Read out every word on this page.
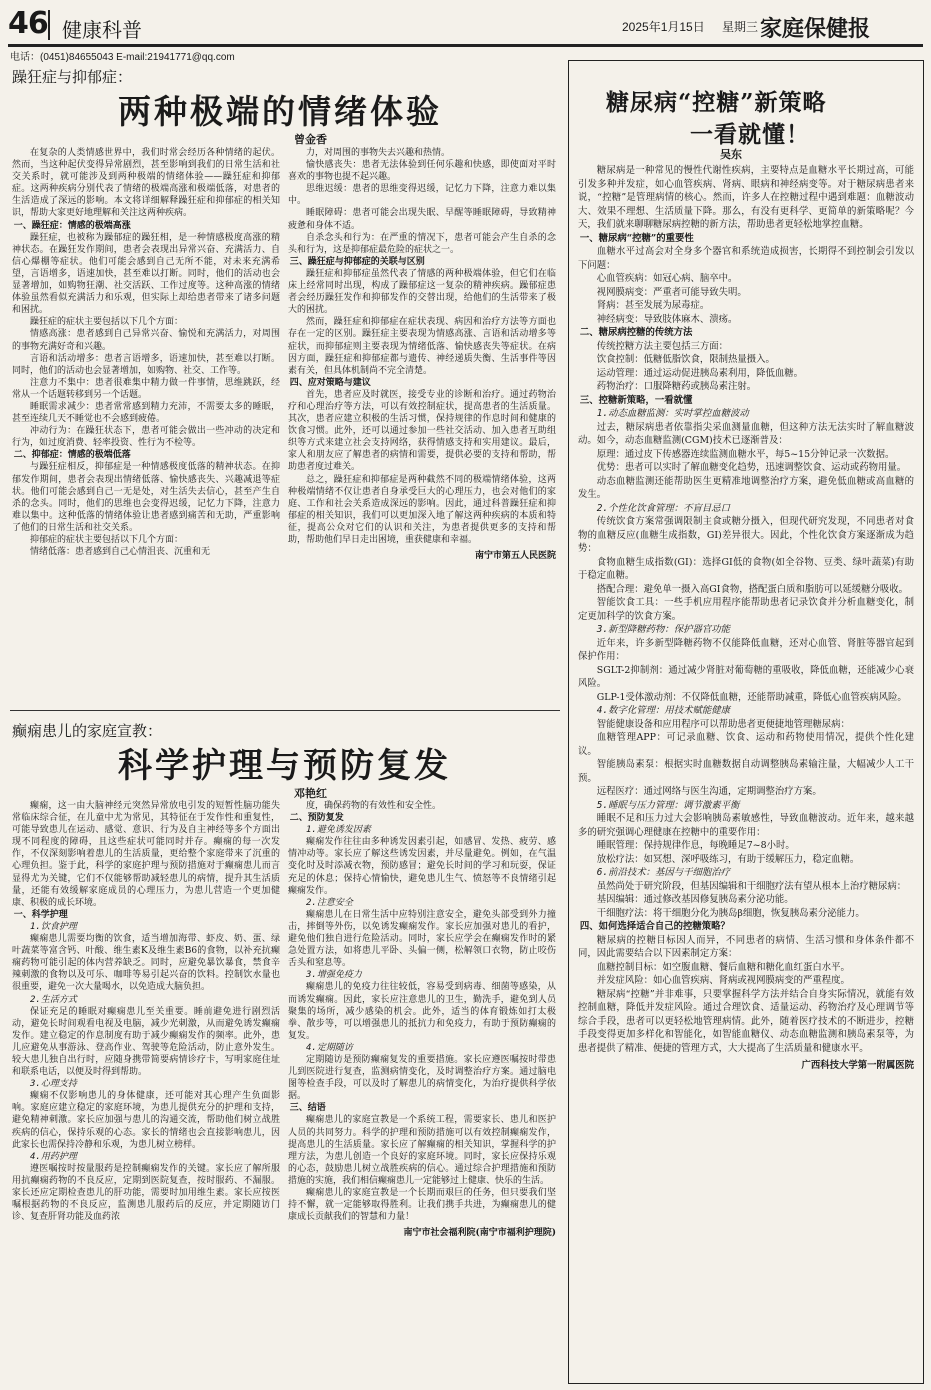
46 健康科普	2025年1月15日 星期三 家庭保健报
电话：(0451)84655043 E-mail:21941771@qq.com
躁狂症与抑郁症：
两种极端的情绪体验
曾金香

在复杂的人类情感世界中，我们时常会经历各种情绪的起伏。然而，当这种起伏变得异常剧烈，甚至影响到我们的日常生活和社交关系时，就可能涉及到两种极端的情绪体验——躁狂症和抑郁症。这两种疾病分别代表了情绪的极端高涨和极端低落，对患者的生活造成了深远的影响。本文将详细解释躁狂症和抑郁症的相关知识，帮助大家更好地理解和关注这两种疾病。

一、躁狂症：情感的极端高涨

躁狂症，也被称为躁郁症的躁狂相，是一种情感极度高涨的精神状态。在躁狂发作期间，患者会表现出异常兴奋、充满活力、自信心爆棚等症状。他们可能会感到自己无所不能，对未来充满希望，言语增多，语速加快，甚至难以打断。同时，他们的活动也会显著增加，如购物狂潮、社交活跃、工作过度等。这种高涨的情绪体验虽然看似充满活力和乐观，但实际上却给患者带来了诸多问题和困扰。

躁狂症的症状主要包括以下几个方面：

情感高涨：患者感到自己异常兴奋、愉悦和充满活力，对周围的事物充满好奇和兴趣。

言语和活动增多：患者言语增多，语速加快，甚至难以打断。同时，他们的活动也会显著增加，如购物、社交、工作等。

注意力不集中：患者很难集中精力做一件事情，思维跳跃，经常从一个话题转移到另一个话题。

睡眠需求减少：患者常常感到精力充沛，不需要太多的睡眠，甚至连续几天不睡觉也不会感到疲倦。

冲动行为：在躁狂状态下，患者可能会做出一些冲动的决定和行为，如过度消费、轻率投资、性行为不检等。

二、抑郁症：情感的极端低落

与躁狂症相反，抑郁症是一种情感极度低落的精神状态。在抑郁发作期间，患者会表现出情绪低落、愉快感丧失、兴趣减退等症状。他们可能会感到自己一无是处，对生活失去信心，甚至产生自杀的念头。同时，他们的思维也会变得迟缓，记忆力下降，注意力难以集中。这种低落的情绪体验让患者感到痛苦和无助，严重影响了他们的日常生活和社交关系。

抑郁症的症状主要包括以下几个方面：

情绪低落：患者感到自己心情沮丧、沉重和无

力，对周围的事物失去兴趣和热情。

愉快感丧失：患者无法体验到任何乐趣和快感，即使面对平时喜欢的事物也提不起兴趣。

思维迟缓：患者的思维变得迟缓，记忆力下降，注意力难以集中。

睡眠障碍：患者可能会出现失眠、早醒等睡眠障碍，导致精神疲惫和身体不适。

自杀念头和行为：在严重的情况下，患者可能会产生自杀的念头和行为，这是抑郁症最危险的症状之一。

三、躁狂症与抑郁症的关联与区别

躁狂症和抑郁症虽然代表了情感的两种极端体验，但它们在临床上经常同时出现，构成了躁郁症这一复杂的精神疾病。躁郁症患者会经历躁狂发作和抑郁发作的交替出现，给他们的生活带来了极大的困扰。

然而，躁狂症和抑郁症在症状表现、病因和治疗方法等方面也存在一定的区别。躁狂症主要表现为情感高涨、言语和活动增多等症状，而抑郁症则主要表现为情绪低落、愉快感丧失等症状。在病因方面，躁狂症和抑郁症都与遗传、神经递质失衡、生活事件等因素有关，但具体机制尚不完全清楚。

四、应对策略与建议

首先，患者应及时就医，接受专业的诊断和治疗。通过药物治疗和心理治疗等方法，可以有效控制症状，提高患者的生活质量。其次，患者应建立积极的生活习惯，保持规律的作息时间和健康的饮食习惯。此外，还可以通过参加一些社交活动、加入患者互助组织等方式来建立社会支持网络，获得情感支持和实用建议。最后，家人和朋友应了解患者的病情和需要，提供必要的支持和帮助，帮助患者度过难关。

总之，躁狂症和抑郁症是两种截然不同的极端情绪体验，这两种极端情绪不仅让患者自身承受巨大的心理压力，也会对他们的家庭、工作和社会关系造成深远的影响。因此，通过科普躁狂症和抑郁症的相关知识，我们可以更加深入地了解这两种疾病的本质和特征，提高公众对它们的认识和关注，为患者提供更多的支持和帮助，帮助他们早日走出困境，重获健康和幸福。

南宁市第五人民医院

癫痫患儿的家庭宣教：
科学护理与预防复发
邓艳红

癫痫，这一由大脑神经元突然异常放电引发的短暂性脑功能失常临床综合征，在儿童中尤为常见，其特征在于发作性和重复性，可能导致患儿在运动、感觉、意识、行为及自主神经等多个方面出现不同程度的障碍，且这些症状可能同时并存。癫痫的每一次发作，不仅深刻影响着患儿的生活质量，更给整个家庭带来了沉重的心理负担。鉴于此，科学的家庭护理与预防措施对于癫痫患儿而言显得尤为关键，它们不仅能够帮助减轻患儿的病情，提升其生活质量，还能有效缓解家庭成员的心理压力，为患儿营造一个更加健康、积极的成长环境。

一、科学护理

1.饮食护理

癫痫患儿需要均衡的饮食，适当增加海带、虾皮、奶、蛋、绿叶蔬菜等富含钙、叶酸、维生素K及维生素B6的食物，以补充抗癫痫药物可能引起的体内营养缺乏。同时，应避免暴饮暴食，禁食辛辣刺激的食物以及可乐、咖啡等易引起兴奋的饮料。控制饮水量也很重要，避免一次大量喝水，以免造成大脑负担。

2.生活方式

保证充足的睡眠对癫痫患儿至关重要。睡前避免进行剧烈活动，避免长时间观看电视及电脑，减少光刺激，从而避免诱发癫痫发作。建立稳定的作息制度有助于减少癫痫发作的频率。此外，患儿应避免从事游泳、登高作业、驾驶等危险活动，防止意外发生。较大患儿独自出行时，应随身携带简要病情诊疗卡，写明家庭住址和联系电话，以便及时得到帮助。

3.心理支持

癫痫不仅影响患儿的身体健康，还可能对其心理产生负面影响。家庭应建立稳定的家庭环境，为患儿提供充分的护理和支持，避免精神刺激。家长应加强与患儿的沟通交流，帮助他们树立战胜疾病的信心，保持乐观的心态。家长的情绪也会直接影响患儿，因此家长也需保持冷静和乐观，为患儿树立榜样。

4.用药护理

遵医嘱按时按量服药是控制癫痫发作的关键。家长应了解所服用抗癫痫药物的不良反应，定期到医院复查，按时服药、不漏服。家长还应定期检查患儿的肝功能，需要时加用维生素。家长应按医嘱根据药物的不良反应，监测患儿服药后的反应，并定期随访门诊、复查肝肾功能及血药浓

度，确保药物的有效性和安全性。

二、预防复发

1.避免诱发因素

癫痫发作往往由多种诱发因素引起，如感冒、发热、疲劳、感情冲动等。家长应了解这些诱发因素，并尽量避免。例如，在气温变化时及时添减衣物，预防感冒；避免长时间的学习和玩耍，保证充足的休息；保持心情愉快，避免患儿生气、愤怒等不良情绪引起癫痫发作。

2.注意安全

癫痫患儿在日常生活中应特别注意安全，避免头部受到外力撞击，摔倒等外伤，以免诱发癫痫发作。家长应加强对患儿的看护，避免他们独自进行危险活动。同时，家长应学会在癫痫发作时的紧急处置方法，如将患儿平卧、头偏一侧，松解领口衣物，防止咬伤舌头和窒息等。

3.增强免疫力

癫痫患儿的免疫力往往较低，容易受到病毒、细菌等感染，从而诱发癫痫。因此，家长应注意患儿的卫生，勤洗手，避免到人员聚集的场所，减少感染的机会。此外，适当的体育锻炼如打太极拳、散步等，可以增强患儿的抵抗力和免疫力，有助于预防癫痫的复发。

4.定期随访

定期随访是预防癫痫复发的重要措施。家长应遵医嘱按时带患儿到医院进行复查，监测病情变化，及时调整治疗方案。通过脑电图等检查手段，可以及时了解患儿的病情变化，为治疗提供科学依据。

三、结语

癫痫患儿的家庭宣教是一个系统工程，需要家长、患儿和医护人员的共同努力。科学的护理和预防措施可以有效控制癫痫发作，提高患儿的生活质量。家长应了解癫痫的相关知识，掌握科学的护理方法，为患儿创造一个良好的家庭环境。同时，家长应保持乐观的心态，鼓励患儿树立战胜疾病的信心。通过综合护理措施和预防措施的实施，我们相信癫痫患儿一定能够过上健康、快乐的生活。

癫痫患儿的家庭宣教是一个长期而艰巨的任务，但只要我们坚持不懈，就一定能够取得胜利。让我们携手共进，为癫痫患儿的健康成长贡献我们的智慧和力量！

南宁市社会福利院(南宁市福利护理院)

糖尿病“控糖”新策略
一看就懂！
吴东

糖尿病是一种常见的慢性代谢性疾病，主要特点是血糖水平长期过高，可能引发多种并发症，如心血管疾病、肾病、眼病和神经病变等。对于糖尿病患者来说，“控糖”是管理病情的核心。然而，许多人在控糖过程中遇到难题：血糖波动大、效果不理想、生活质量下降。那么，有没有更科学、更简单的新策略呢？今天，我们就来聊聊糖尿病控糖的新方法，帮助患者更轻松地掌控血糖。

一、糖尿病“控糖”的重要性

血糖水平过高会对全身多个器官和系统造成损害，长期得不到控制会引发以下问题：

心血管疾病：如冠心病、脑卒中。

视网膜病变：严重者可能导致失明。

肾病：甚至发展为尿毒症。

神经病变：导致肢体麻木、溃疡。

二、糖尿病控糖的传统方法

传统控糖方法主要包括三方面：

饮食控制：低糖低脂饮食，限制热量摄入。

运动管理：通过运动促进胰岛素利用，降低血糖。

药物治疗：口服降糖药或胰岛素注射。

三、控糖新策略，一看就懂

1.动态血糖监测：实时掌控血糖波动

过去，糖尿病患者依靠指尖采血测量血糖，但这种方法无法实时了解血糖波动。如今，动态血糖监测(CGM)技术已逐渐普及：

原理：通过皮下传感器连续监测血糖水平，每5~15分钟记录一次数据。

优势：患者可以实时了解血糖变化趋势，迅速调整饮食、运动或药物用量。

动态血糖监测还能帮助医生更精准地调整治疗方案，避免低血糖或高血糖的发生。

2.个性化饮食管理：不盲目忌口

传统饮食方案常强调限制主食或糖分摄入，但现代研究发现，不同患者对食物的血糖反应(血糖生成指数，GI)差异很大。因此，个性化饮食方案逐渐成为趋势：

食物血糖生成指数(GI)：选择GI低的食物(如全谷物、豆类、绿叶蔬菜)有助于稳定血糖。

搭配合理：避免单一摄入高GI食物，搭配蛋白质和脂肪可以延缓糖分吸收。

智能饮食工具：一些手机应用程序能帮助患者记录饮食并分析血糖变化，制定更加科学的饮食方案。

3.新型降糖药物：保护器官功能

近年来，许多新型降糖药物不仅能降低血糖，还对心血管、肾脏等器官起到保护作用：

SGLT-2抑制剂：通过减少肾脏对葡萄糖的重吸收，降低血糖，还能减少心衰风险。

GLP-1受体激动剂：不仅降低血糖，还能帮助减重，降低心血管疾病风险。

4.数字化管理：用技术赋能健康

智能健康设备和应用程序可以帮助患者更便捷地管理糖尿病：

血糖管理APP：可记录血糖、饮食、运动和药物使用情况，提供个性化建议。

智能胰岛素泵：根据实时血糖数据自动调整胰岛素输注量，大幅减少人工干预。

远程医疗：通过网络与医生沟通，定期调整治疗方案。

5.睡眠与压力管理：调节激素平衡

睡眠不足和压力过大会影响胰岛素敏感性，导致血糖波动。近年来，越来越多的研究强调心理健康在控糖中的重要作用：

睡眠管理：保持规律作息，每晚睡足7~8小时。

放松疗法：如冥想、深呼吸练习，有助于缓解压力，稳定血糖。

6.前沿技术：基因与干细胞治疗

虽然尚处于研究阶段，但基因编辑和干细胞疗法有望从根本上治疗糖尿病：

基因编辑：通过修改基因修复胰岛素分泌功能。

干细胞疗法：将干细胞分化为胰岛β细胞，恢复胰岛素分泌能力。

四、如何选择适合自己的控糖策略？

糖尿病的控糖目标因人而异，不同患者的病情、生活习惯和身体条件都不同，因此需要结合以下因素制定方案：

血糖控制目标：如空腹血糖、餐后血糖和糖化血红蛋白水平。

并发症风险：如心血管疾病、肾病或视网膜病变的严重程度。

糖尿病“控糖”并非难事，只要掌握科学方法并结合自身实际情况，就能有效控制血糖，降低并发症风险。通过合理饮食、适量运动、药物治疗及心理调节等综合手段，患者可以更轻松地管理病情。此外，随着医疗技术的不断进步，控糖手段变得更加多样化和智能化，如智能血糖仪、动态血糖监测和胰岛素泵等，为患者提供了精准、便捷的管理方式，大大提高了生活质量和健康水平。

广西科技大学第一附属医院
